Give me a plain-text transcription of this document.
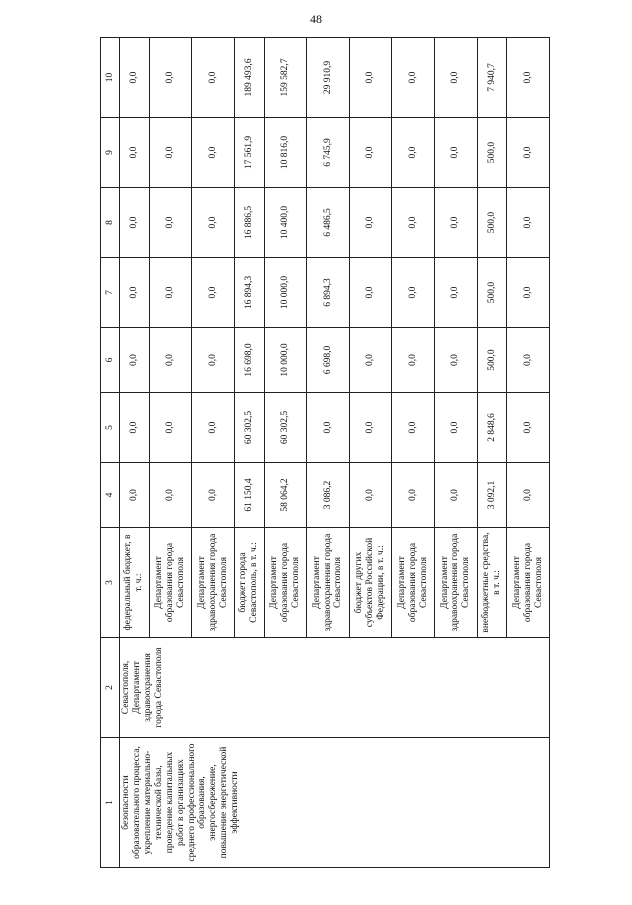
48
1	2	3	4	5	6	7	8	9	10
безопасности образовательного процесса, укрепление материально-технической базы, проведение капитальных работ в организациях среднего профессионального образования, энергосбережение, повышение энергетической эффективности	Севастополя, Департамент здравоохранения города Севастополя	федеральный бюджет, в т. ч.:	0,0	0,0	0,0	0,0	0,0	0,0	0,0
		Департамент образования города Севастополя	0,0	0,0	0,0	0,0	0,0	0,0	0,0
		Департамент здравоохранения города Севастополя	0,0	0,0	0,0	0,0	0,0	0,0	0,0
		бюджет города Севастополь, в т. ч.:	61 150,4	60 302,5	16 698,0	16 894,3	16 886,5	17 561,9	189 493,6
		Департамент образования города Севастополя	58 064,2	60 302,5	10 000,0	10 000,0	10 400,0	10 816,0	159 582,7
		Департамент здравоохранения города Севастополя	3 086,2	0,0	6 698,0	6 894,3	6 486,5	6 745,9	29 910,9
		бюджет других субъектов Российской Федерации, в т. ч.:	0,0	0,0	0,0	0,0	0,0	0,0	0,0
		Департамент образования города Севастополя	0,0	0,0	0,0	0,0	0,0	0,0	0,0
		Департамент здравоохранения города Севастополя	0,0	0,0	0,0	0,0	0,0	0,0	0,0
		внебюджетные средства, в т. ч.:	3 092,1	2 848,6	500,0	500,0	500,0	500,0	7 940,7
		Департамент образования города Севастополя	0,0	0,0	0,0	0,0	0,0	0,0	0,0
